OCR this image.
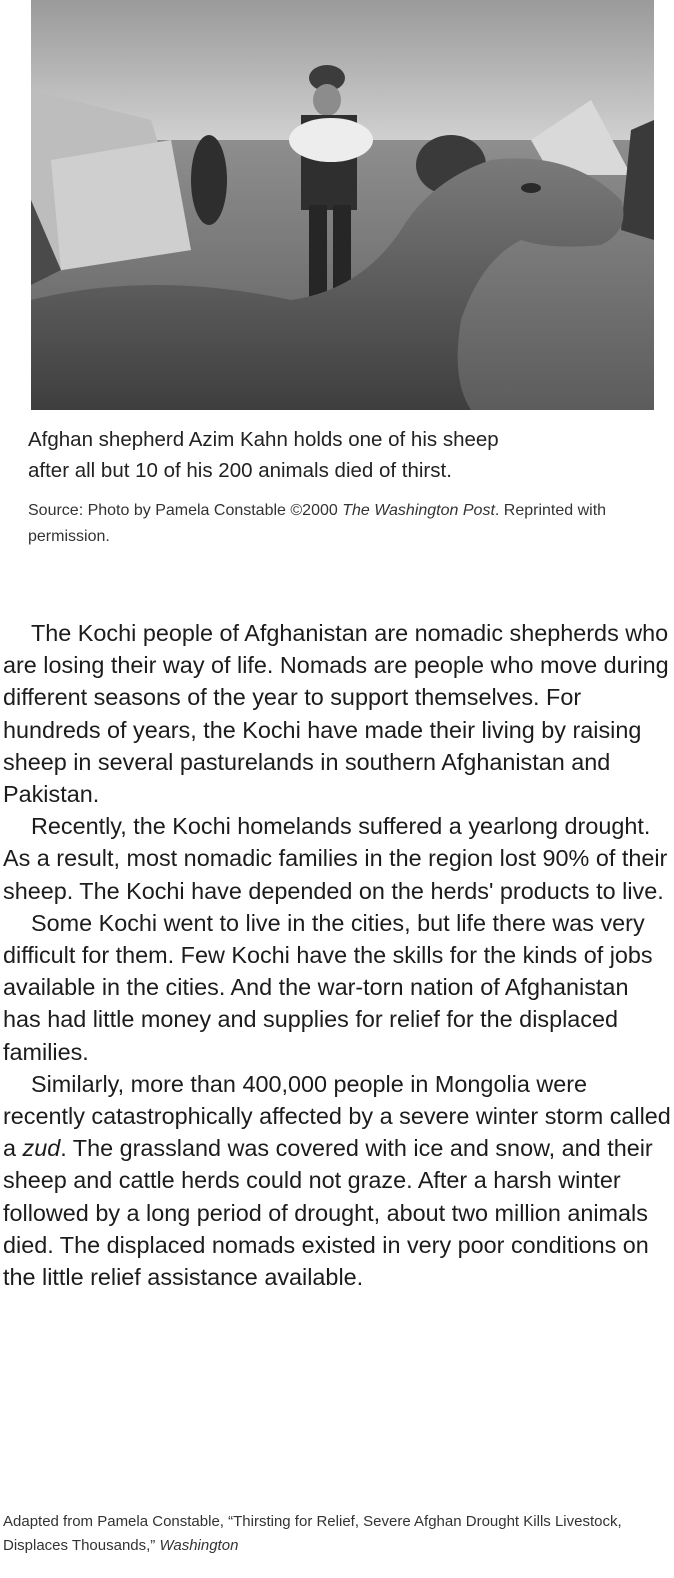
Afghan shepherd Azim Kahn holds one of his sheep
after all but 10 of his 200 animals died of thirst.
Source: Photo by Pamela Constable ©2000 The Washington Post. Reprinted with permission.

The Kochi people of Afghanistan are nomadic shepherds who are losing their way of life. Nomads are people who move during different seasons of the year to support themselves. For hundreds of years, the Kochi have made their living by raising sheep in several pasturelands in southern Afghanistan and Pakistan.

Recently, the Kochi homelands suffered a yearlong drought. As a result, most nomadic families in the region lost 90% of their sheep. The Kochi have depended on the herds' products to live.

Some Kochi went to live in the cities, but life there was very difficult for them. Few Kochi have the skills for the kinds of jobs available in the cities. And the war-torn nation of Afghanistan has had little money and supplies for relief for the displaced families.

Similarly, more than 400,000 people in Mongolia were recently catastrophically affected by a severe winter storm called a zud. The grassland was covered with ice and snow, and their sheep and cattle herds could not graze. After a harsh winter followed by a long period of drought, about two million animals died. The displaced nomads existed in very poor conditions on the little relief assistance available.

Adapted from Pamela Constable, “Thirsting for Relief, Severe Afghan Drought Kills Livestock, Displaces Thousands,” Washington
